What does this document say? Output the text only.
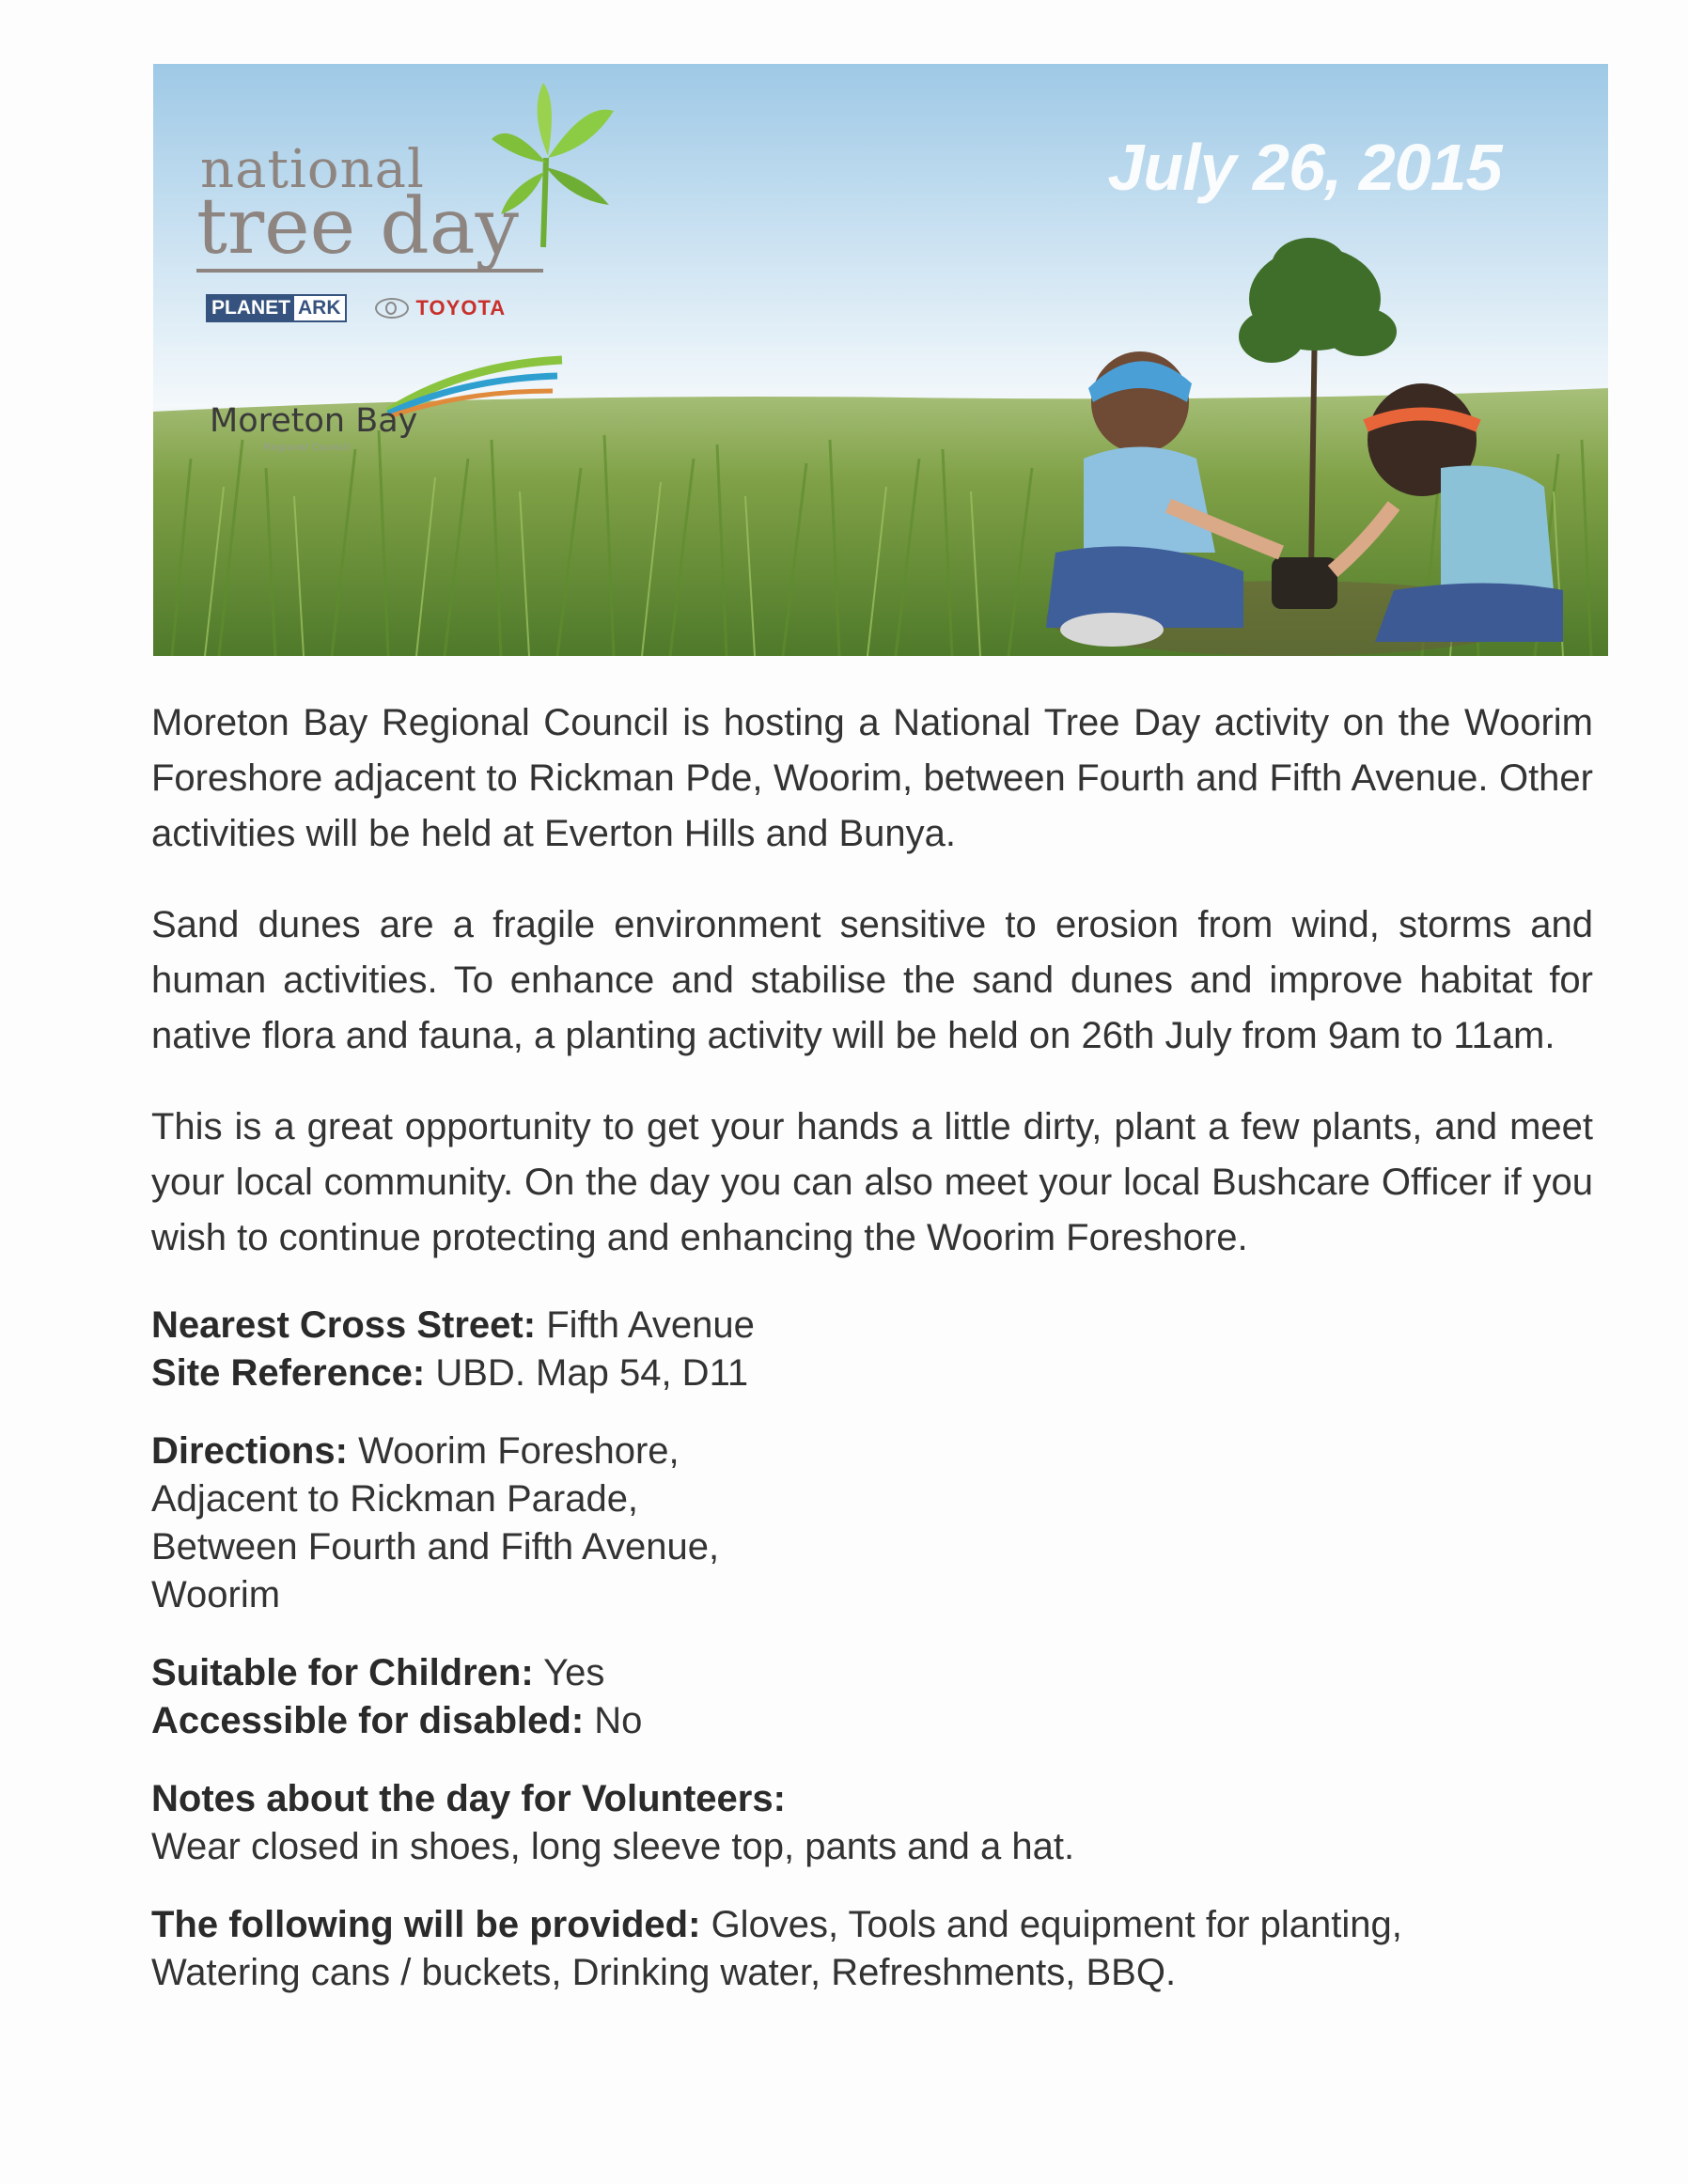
national
tree day
PLANET ARK	TOYOTA
Moreton Bay
Regional Council
July 26, 2015

Moreton Bay Regional Council is hosting a National Tree Day activity on the Woorim Foreshore adjacent to Rickman Pde, Woorim, between Fourth and Fifth Avenue. Other activities will be held at Everton Hills and Bunya.

Sand dunes are a fragile environment sensitive to erosion from wind, storms and human activities. To enhance and stabilise the sand dunes and improve habitat for native flora and fauna, a planting activity will be held on 26th July from 9am to 11am.

This is a great opportunity to get your hands a little dirty, plant a few plants, and meet your local community. On the day you can also meet your local Bushcare Officer if you wish to continue protecting and enhancing the Woorim Foreshore.

Nearest Cross Street: Fifth Avenue
Site Reference: UBD. Map 54, D11
Directions: Woorim Foreshore,
Adjacent to Rickman Parade,
Between Fourth and Fifth Avenue,
Woorim
Suitable for Children: Yes
Accessible for disabled: No
Notes about the day for Volunteers:
Wear closed in shoes, long sleeve top, pants and a hat.
The following will be provided: Gloves, Tools and equipment for planting,
Watering cans / buckets, Drinking water, Refreshments, BBQ.
